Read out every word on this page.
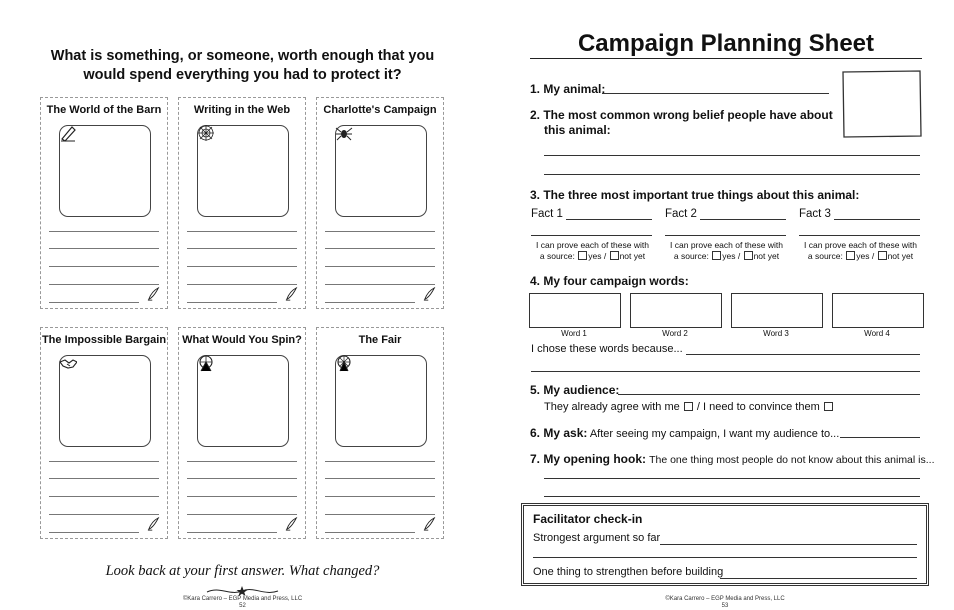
What is something, or someone, worth enough that you would spend everything you had to protect it?
The World of the Barn	Writing in the Web	Charlotte's Campaign
The Impossible Bargain What Would You Spin?	The Fair
Look back at your first answer. What changed?
©Kara Carrero – EGP Media and Press, LLC
52
Campaign Planning Sheet
1. My animal:
2. The most common wrong belief people have about
this animal:
3. The three most important true things about this animal:
Fact 1
I can prove each of these with
a source: yes / not yet
Fact 2
I can prove each of these with
a source: yes / not yet
Fact 3
I can prove each of these with
a source: yes / not yet
4. My four campaign words:
Word 1	Word 2	Word 3	Word 4
I chose these words because...
5. My audience:
They already agree with me / I need to convince them
6. My ask: After seeing my campaign, I want my audience to...
7. My opening hook: The one thing most people do not know about this animal is...
Facilitator check-in
Strongest argument so far
One thing to strengthen before building
©Kara Carrero – EGP Media and Press, LLC
53
